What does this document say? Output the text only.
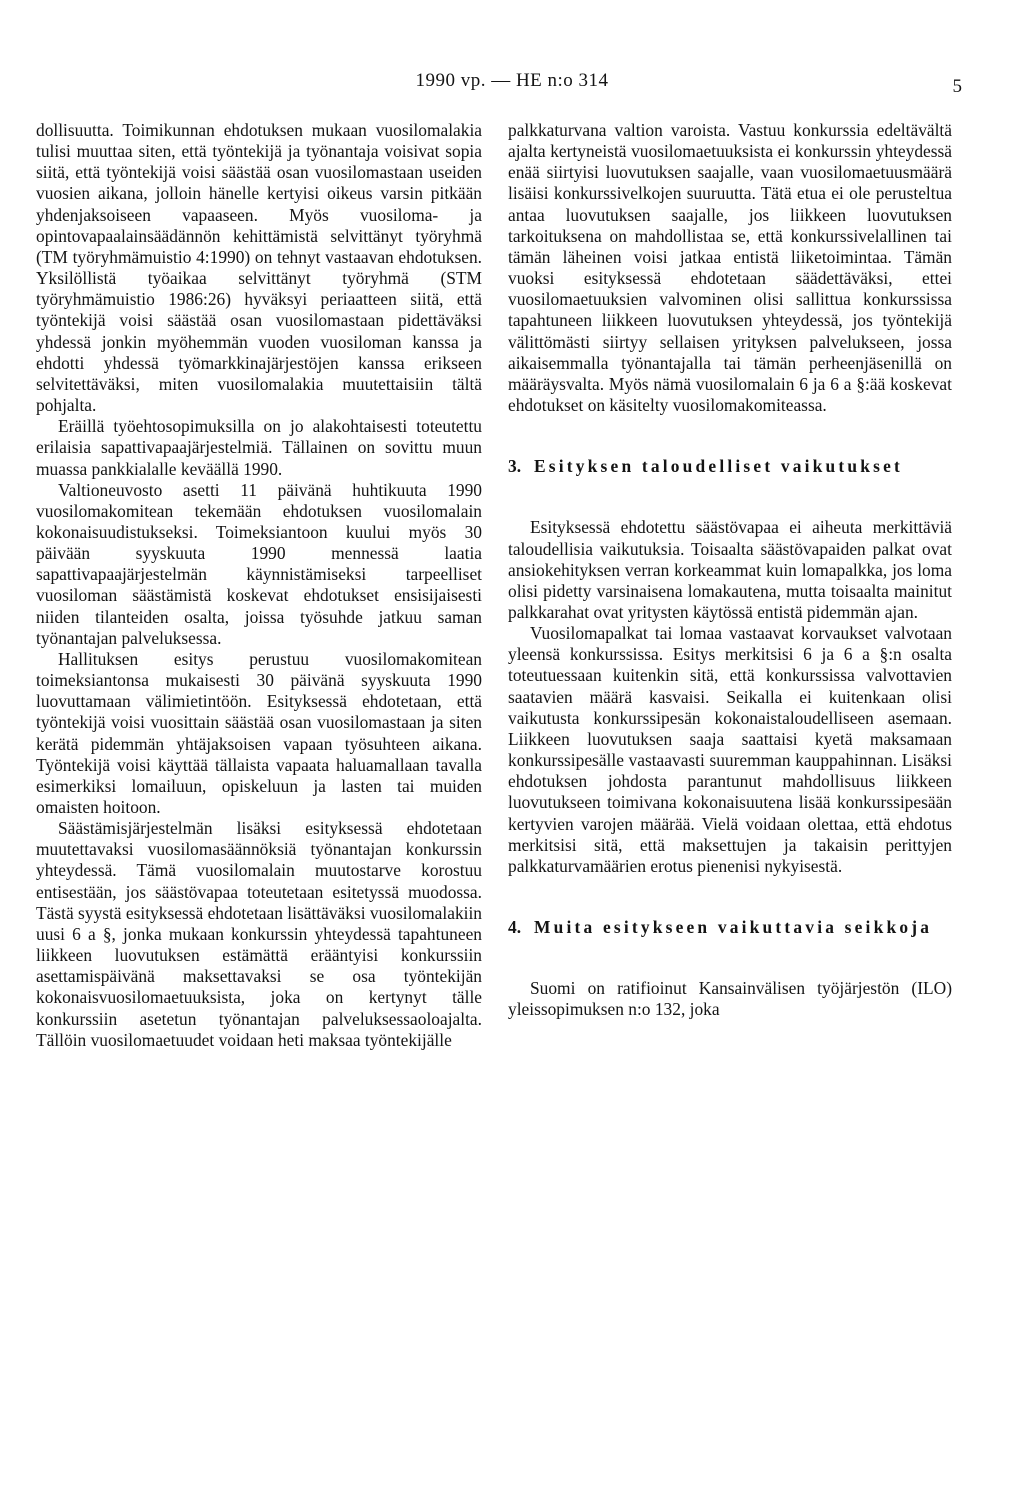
1990 vp. — HE n:o 314	5

dollisuutta. Toimikunnan ehdotuksen mukaan vuosilomalakia tulisi muuttaa siten, että työntekijä ja työnantaja voisivat sopia siitä, että työntekijä voisi säästää osan vuosilomastaan useiden vuosien aikana, jolloin hänelle kertyisi oikeus varsin pitkään yhdenjaksoiseen vapaaseen. Myös vuosiloma- ja opintovapaalainsäädännön kehittämistä selvittänyt työryhmä (TM työryhmämuistio 4:1990) on tehnyt vastaavan ehdotuksen. Yksilöllistä työaikaa selvittänyt työryhmä (STM työryhmämuistio 1986:26) hyväksyi periaatteen siitä, että työntekijä voisi säästää osan vuosilomastaan pidettäväksi yhdessä jonkin myöhemmän vuoden vuosiloman kanssa ja ehdotti yhdessä työmarkkinajärjestöjen kanssa erikseen selvitettäväksi, miten vuosilomalakia muutettaisiin tältä pohjalta.

Eräillä työehtosopimuksilla on jo alakohtaisesti toteutettu erilaisia sapattivapaajärjestelmiä. Tällainen on sovittu muun muassa pankkialalle keväällä 1990.

Valtioneuvosto asetti 11 päivänä huhtikuuta 1990 vuosilomakomitean tekemään ehdotuksen vuosilomalain kokonaisuudistukseksi. Toimeksiantoon kuului myös 30 päivään syyskuuta 1990 mennessä laatia sapattivapaajärjestelmän käynnistämiseksi tarpeelliset vuosiloman säästämistä koskevat ehdotukset ensisijaisesti niiden tilanteiden osalta, joissa työsuhde jatkuu saman työnantajan palveluksessa.

Hallituksen esitys perustuu vuosilomakomitean toimeksiantonsa mukaisesti 30 päivänä syyskuuta 1990 luovuttamaan välimietintöön. Esityksessä ehdotetaan, että työntekijä voisi vuosittain säästää osan vuosilomastaan ja siten kerätä pidemmän yhtäjaksoisen vapaan työsuhteen aikana. Työntekijä voisi käyttää tällaista vapaata haluamallaan tavalla esimerkiksi lomailuun, opiskeluun ja lasten tai muiden omaisten hoitoon.

Säästämisjärjestelmän lisäksi esityksessä ehdotetaan muutettavaksi vuosilomasäännöksiä työnantajan konkurssin yhteydessä. Tämä vuosilomalain muutostarve korostuu entisestään, jos säästövapaa toteutetaan esitetyssä muodossa. Tästä syystä esityksessä ehdotetaan lisättäväksi vuosilomalakiin uusi 6 a §, jonka mukaan konkurssin yhteydessä tapahtuneen liikkeen luovutuksen estämättä erääntyisi konkurssiin asettamispäivänä maksettavaksi se osa työntekijän kokonaisvuosilomaetuuksista, joka on kertynyt tälle konkurssiin asetetun työnantajan palveluksessaoloajalta. Tällöin vuosilomaetuudet voidaan heti maksaa työntekijälle

palkkaturvana valtion varoista. Vastuu konkurssia edeltävältä ajalta kertyneistä vuosilomaetuuksista ei konkurssin yhteydessä enää siirtyisi luovutuksen saajalle, vaan vuosilomaetuusmäärä lisäisi konkurssivelkojen suuruutta. Tätä etua ei ole perusteltua antaa luovutuksen saajalle, jos liikkeen luovutuksen tarkoituksena on mahdollistaa se, että konkurssivelallinen tai tämän läheinen voisi jatkaa entistä liiketoimintaa. Tämän vuoksi esityksessä ehdotetaan säädettäväksi, ettei vuosilomaetuuksien valvominen olisi sallittua konkurssissa tapahtuneen liikkeen luovutuksen yhteydessä, jos työntekijä välittömästi siirtyy sellaisen yrityksen palvelukseen, jossa aikaisemmalla työnantajalla tai tämän perheenjäsenillä on määräysvalta. Myös nämä vuosilomalain 6 ja 6 a §:ää koskevat ehdotukset on käsitelty vuosilomakomiteassa.

3. Esityksen taloudelliset vaikutukset

Esityksessä ehdotettu säästövapaa ei aiheuta merkittäviä taloudellisia vaikutuksia. Toisaalta säästövapaiden palkat ovat ansiokehityksen verran korkeammat kuin lomapalkka, jos loma olisi pidetty varsinaisena lomakautena, mutta toisaalta mainitut palkkarahat ovat yritysten käytössä entistä pidemmän ajan.

Vuosilomapalkat tai lomaa vastaavat korvaukset valvotaan yleensä konkurssissa. Esitys merkitsisi 6 ja 6 a §:n osalta toteutuessaan kuitenkin sitä, että konkurssissa valvottavien saatavien määrä kasvaisi. Seikalla ei kuitenkaan olisi vaikutusta konkurssipesän kokonaistaloudelliseen asemaan. Liikkeen luovutuksen saaja saattaisi kyetä maksamaan konkurssipesälle vastaavasti suuremman kauppahinnan. Lisäksi ehdotuksen johdosta parantunut mahdollisuus liikkeen luovutukseen toimivana kokonaisuutena lisää konkurssipesään kertyvien varojen määrää. Vielä voidaan olettaa, että ehdotus merkitsisi sitä, että maksettujen ja takaisin perittyjen palkkaturvamäärien erotus pienenisi nykyisestä.

4. Muita esitykseen vaikuttavia seikkoja

Suomi on ratifioinut Kansainvälisen työjärjestön (ILO) yleissopimuksen n:o 132, joka
